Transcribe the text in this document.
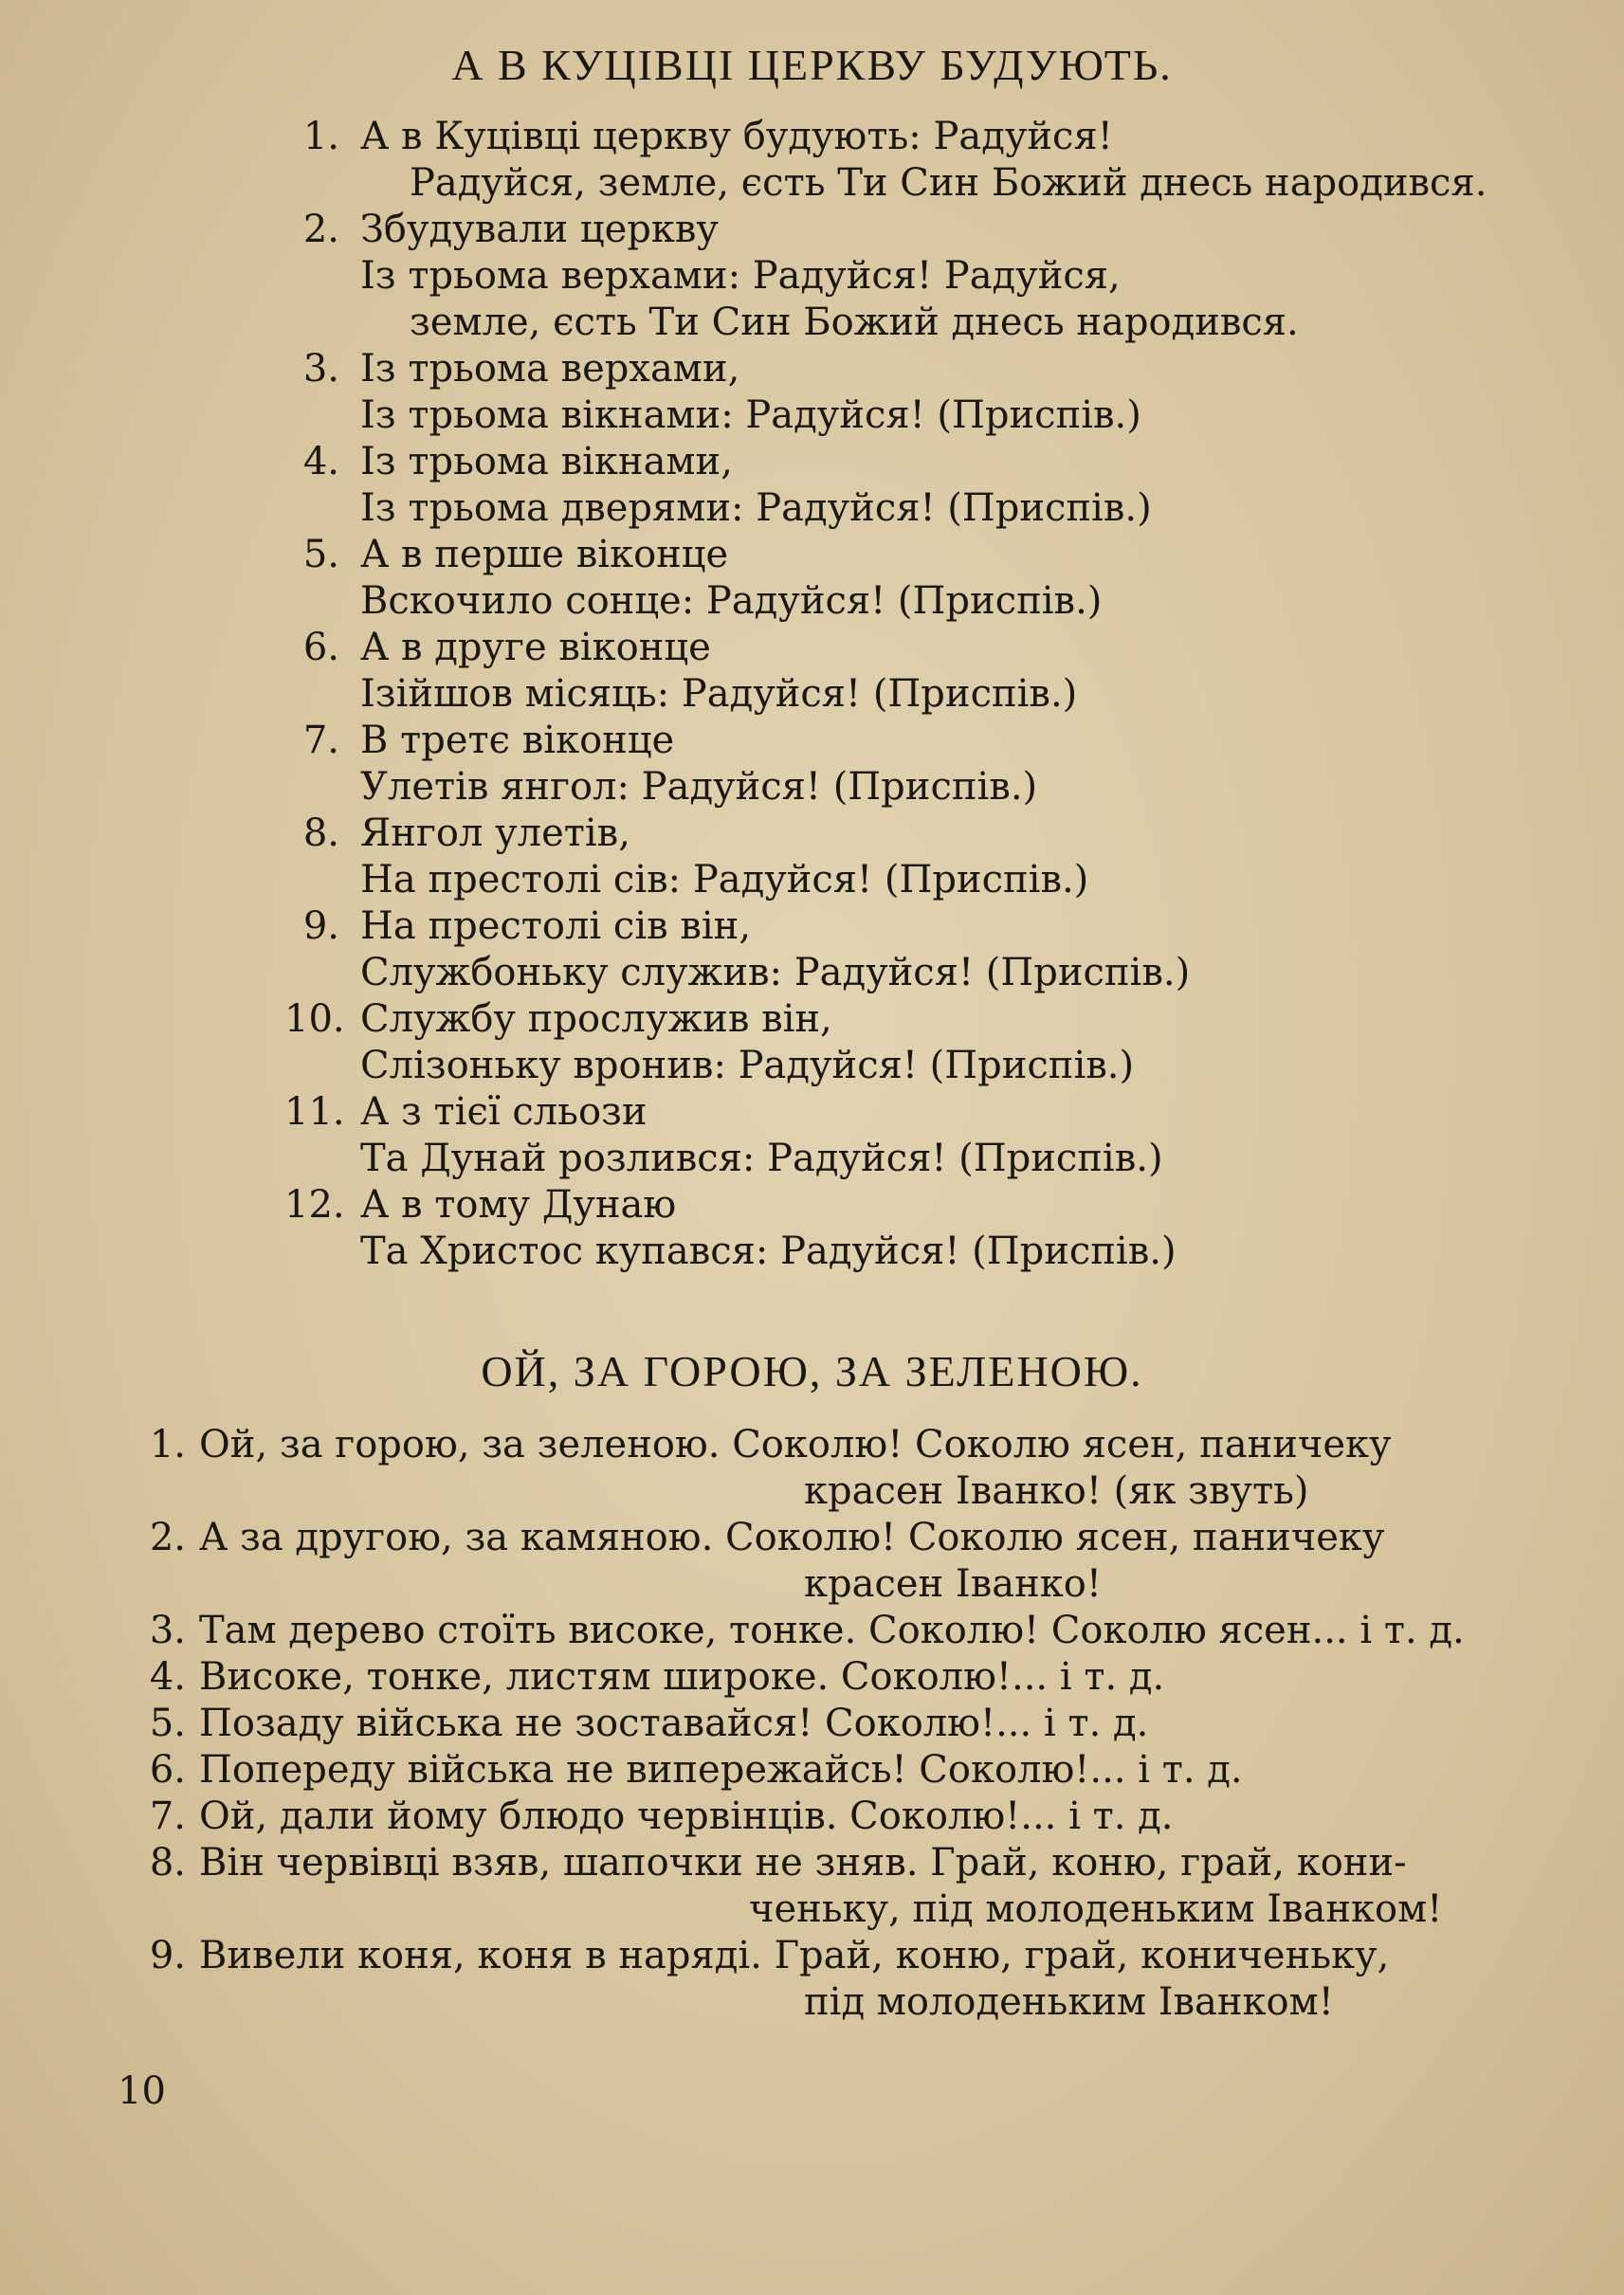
А В КУЦІВЦІ ЦЕРКВУ БУДУЮТЬ.
1. А в Куцівці церкву будують: Радуйся!
Радуйся, земле, єсть Ти Син Божий днесь народився.
2. Збудували церкву
Із трьома верхами: Радуйся! Радуйся,
земле, єсть Ти Син Божий днесь народився.
3. Із трьома верхами,
Із трьома вікнами: Радуйся! (Приспів.)
4. Із трьома вікнами,
Із трьома дверями: Радуйся! (Приспів.)
5. А в перше віконце
Вскочило сонце: Радуйся! (Приспів.)
6. А в друге віконце
Ізійшов місяць: Радуйся! (Приспів.)
7. В третє віконце
Улетів янгол: Радуйся! (Приспів.)
8. Янгол улетів,
На престолі сів: Радуйся! (Приспів.)
9. На престолі сів він,
Службоньку служив: Радуйся! (Приспів.)
10. Службу прослужив він,
Слізоньку вронив: Радуйся! (Приспів.)
11. А з тієї сльози
Та Дунай розлився: Радуйся! (Приспів.)
12. А в тому Дунаю
Та Христос купався: Радуйся! (Приспів.)
ОЙ, ЗА ГОРОЮ, ЗА ЗЕЛЕНОЮ.
1. Ой, за горою, за зеленою. Соколю! Соколю ясен, паничеку
красен Іванко! (як звуть)
2. А за другою, за камяною. Соколю! Соколю ясен, паничеку
красен Іванко!
3. Там дерево стоїть високе, тонке. Соколю! Соколю ясен... і т. д.
4. Високе, тонке, листям широке. Соколю!... і т. д.
5. Позаду війська не зоставайся! Соколю!... і т. д.
6. Попереду війська не випережайсь! Соколю!... і т. д.
7. Ой, дали йому блюдо червінців. Соколю!... і т. д.
8. Він червівці взяв, шапочки не зняв. Грай, коню, грай, кони-
ченьку, під молоденьким Іванком!
9. Вивели коня, коня в наряді. Грай, коню, грай, кониченьку,
під молоденьким Іванком!

10
